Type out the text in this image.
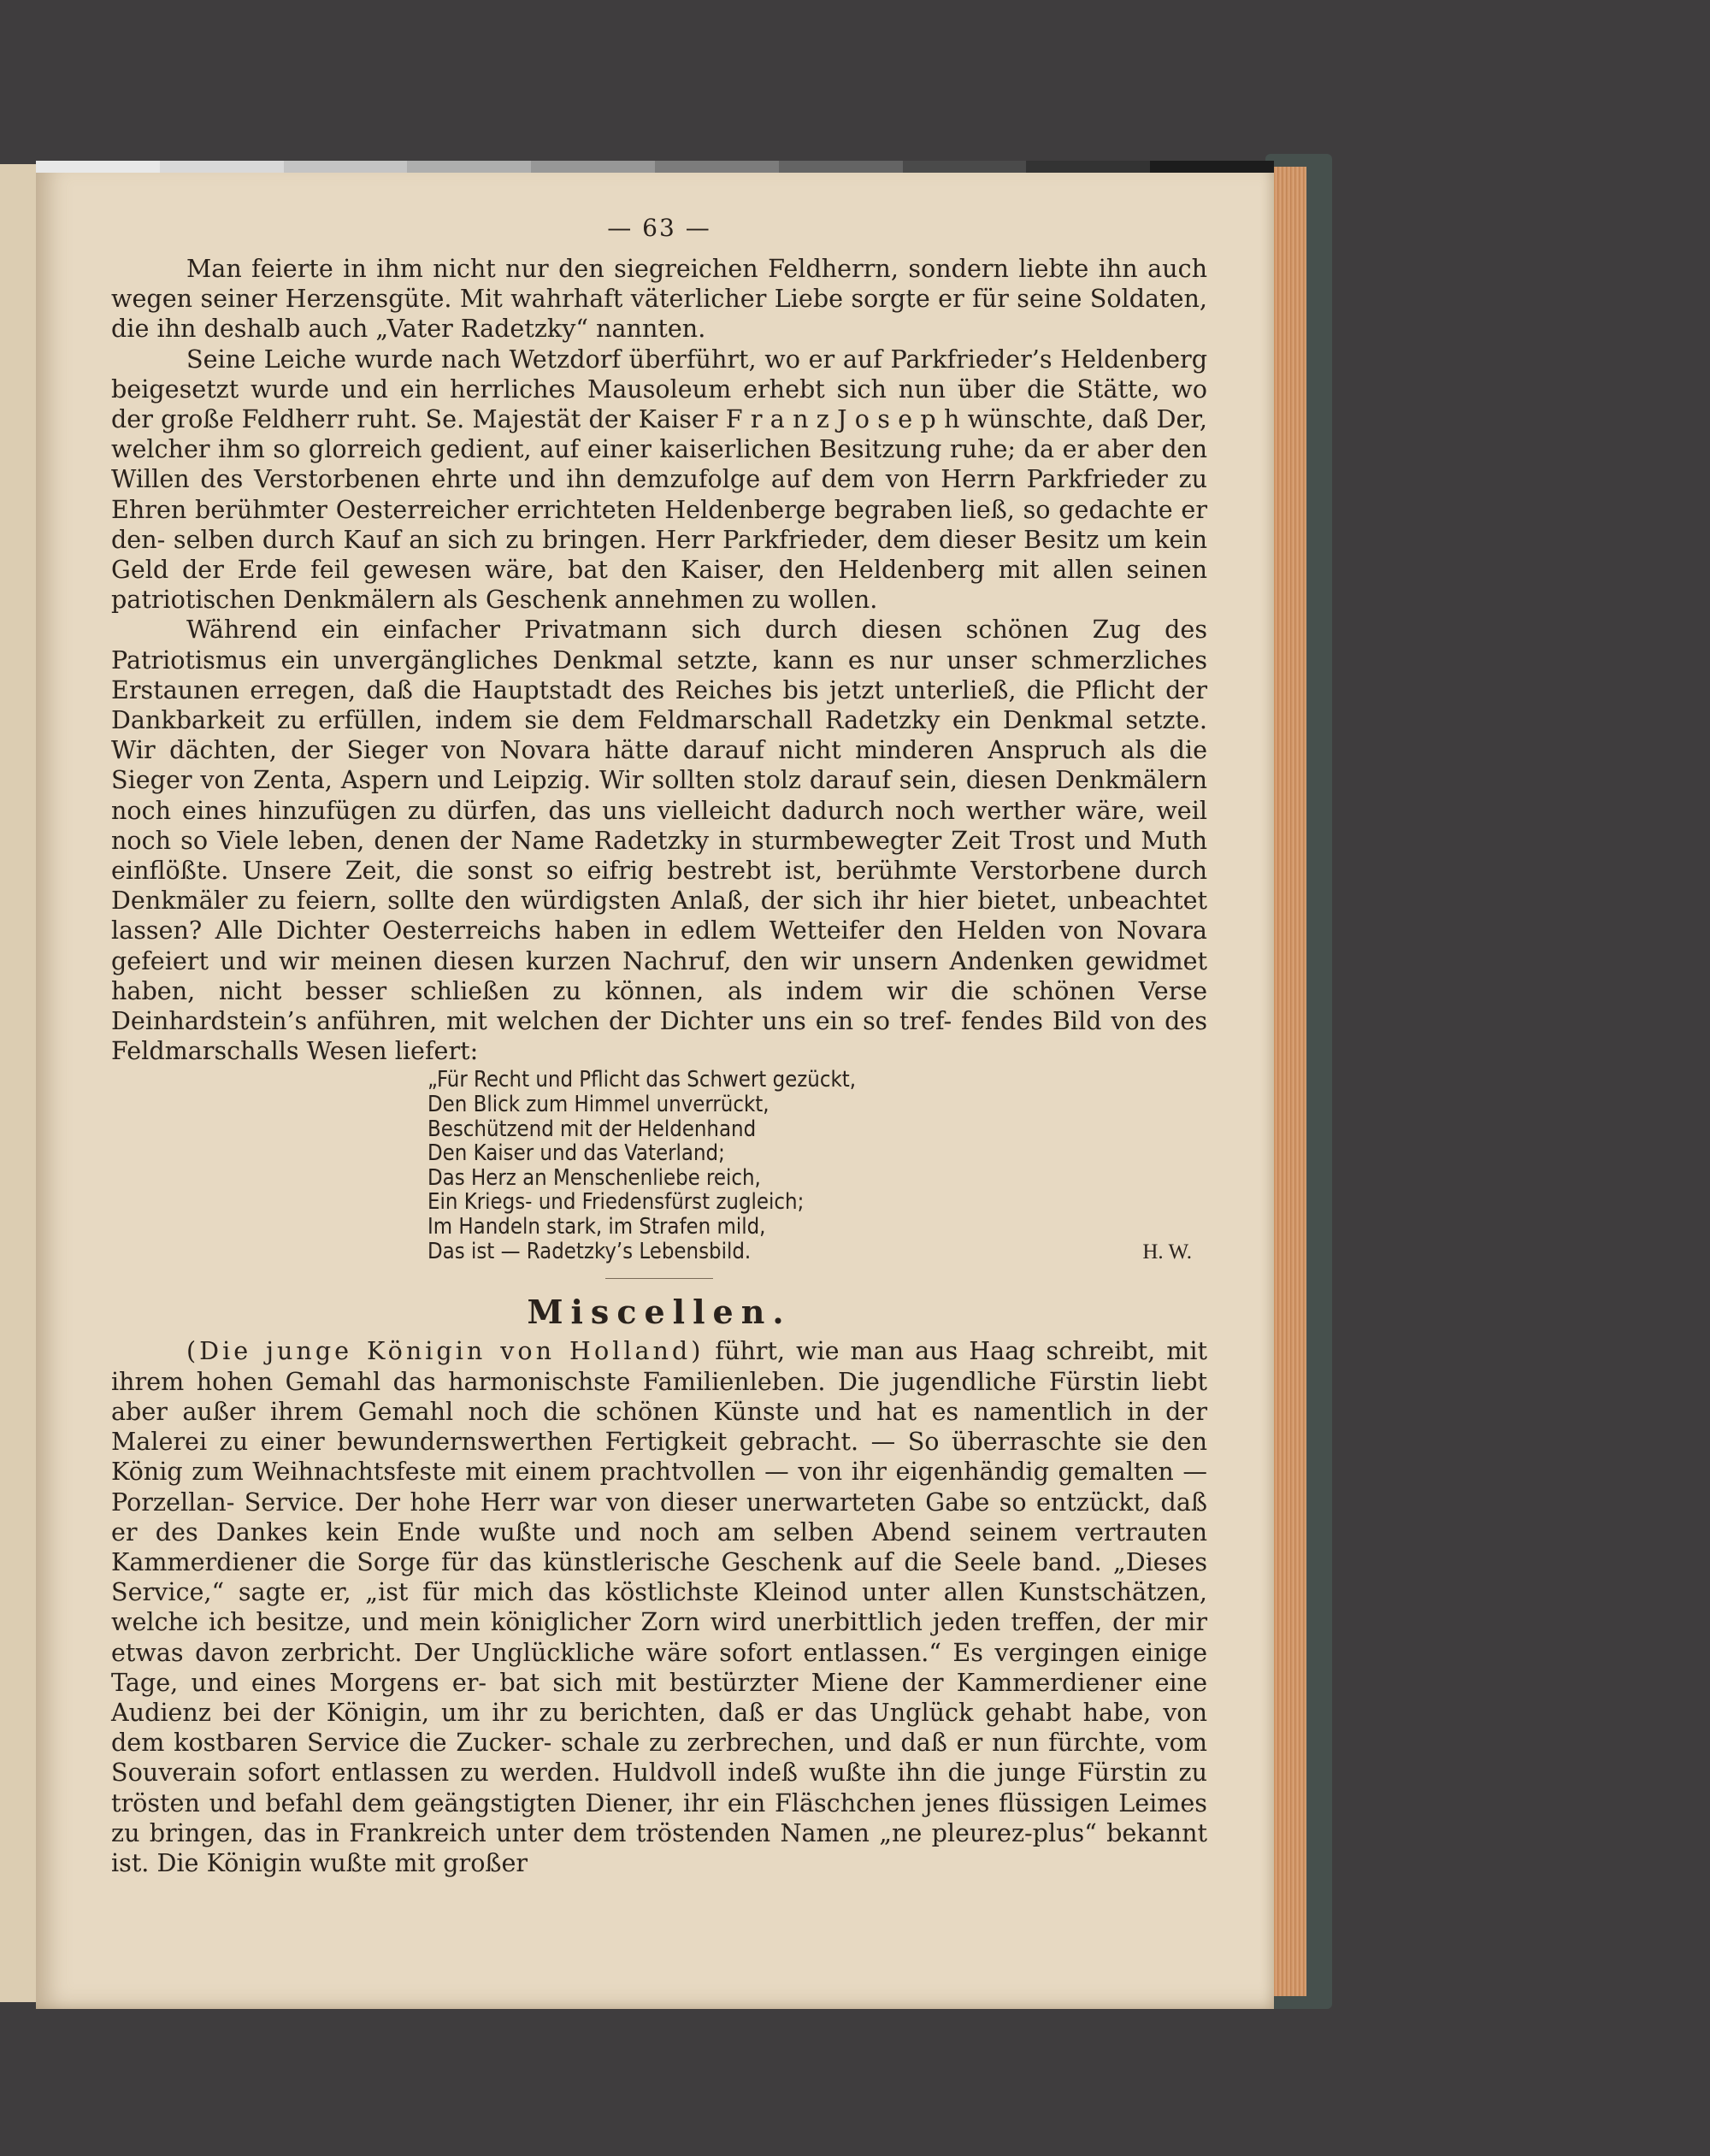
— 63 —

Man feierte in ihm nicht nur den siegreichen Feldherrn, sondern liebte ihn auch wegen seiner Herzensgüte. Mit wahrhaft väterlicher Liebe sorgte er für seine Soldaten, die ihn deshalb auch „Vater Radetzky“ nannten.

Seine Leiche wurde nach Wetzdorf überführt, wo er auf Parkfrieder’s Heldenberg beigesetzt wurde und ein herrliches Mausoleum erhebt sich nun über die Stätte, wo der große Feldherr ruht. Se. Majestät der Kaiser F r a n z J o s e p h wünschte, daß Der, welcher ihm so glorreich gedient, auf einer kaiserlichen Besitzung ruhe; da er aber den Willen des Verstorbenen ehrte und ihn demzufolge auf dem von Herrn Parkfrieder zu Ehren berühmter Oesterreicher errichteten Heldenberge begraben ließ, so gedachte er den- selben durch Kauf an sich zu bringen. Herr Parkfrieder, dem dieser Besitz um kein Geld der Erde feil gewesen wäre, bat den Kaiser, den Heldenberg mit allen seinen patriotischen Denkmälern als Geschenk annehmen zu wollen.

Während ein einfacher Privatmann sich durch diesen schönen Zug des Patriotismus ein unvergängliches Denkmal setzte, kann es nur unser schmerzliches Erstaunen erregen, daß die Hauptstadt des Reiches bis jetzt unterließ, die Pflicht der Dankbarkeit zu erfüllen, indem sie dem Feldmarschall Radetzky ein Denkmal setzte. Wir dächten, der Sieger von Novara hätte darauf nicht minderen Anspruch als die Sieger von Zenta, Aspern und Leipzig. Wir sollten stolz darauf sein, diesen Denkmälern noch eines hinzufügen zu dürfen, das uns vielleicht dadurch noch werther wäre, weil noch so Viele leben, denen der Name Radetzky in sturmbewegter Zeit Trost und Muth einflößte. Unsere Zeit, die sonst so eifrig bestrebt ist, berühmte Verstorbene durch Denkmäler zu feiern, sollte den würdigsten Anlaß, der sich ihr hier bietet, unbeachtet lassen? Alle Dichter Oesterreichs haben in edlem Wetteifer den Helden von Novara gefeiert und wir meinen diesen kurzen Nachruf, den wir unsern Andenken gewidmet haben, nicht besser schließen zu können, als indem wir die schönen Verse Deinhardstein’s anführen, mit welchen der Dichter uns ein so tref- fendes Bild von des Feldmarschalls Wesen liefert:

„Für Recht und Pflicht das Schwert gezückt,
Den Blick zum Himmel unverrückt,
Beschützend mit der Heldenhand
Den Kaiser und das Vaterland;
Das Herz an Menschenliebe reich,
Ein Kriegs- und Friedensfürst zugleich;
Im Handeln stark, im Strafen mild,
Das ist — Radetzky’s Lebensbild.	H. W.
Miscellen.

(Die junge Königin von Holland) führt, wie man aus Haag schreibt, mit ihrem hohen Gemahl das harmonischste Familienleben. Die jugendliche Fürstin liebt aber außer ihrem Gemahl noch die schönen Künste und hat es namentlich in der Malerei zu einer bewundernswerthen Fertigkeit gebracht. — So überraschte sie den König zum Weihnachtsfeste mit einem prachtvollen — von ihr eigenhändig gemalten — Porzellan- Service. Der hohe Herr war von dieser unerwarteten Gabe so entzückt, daß er des Dankes kein Ende wußte und noch am selben Abend seinem vertrauten Kammerdiener die Sorge für das künstlerische Geschenk auf die Seele band. „Dieses Service,“ sagte er, „ist für mich das köstlichste Kleinod unter allen Kunstschätzen, welche ich besitze, und mein königlicher Zorn wird unerbittlich jeden treffen, der mir etwas davon zerbricht. Der Unglückliche wäre sofort entlassen.“ Es vergingen einige Tage, und eines Morgens er- bat sich mit bestürzter Miene der Kammerdiener eine Audienz bei der Königin, um ihr zu berichten, daß er das Unglück gehabt habe, von dem kostbaren Service die Zucker- schale zu zerbrechen, und daß er nun fürchte, vom Souverain sofort entlassen zu werden. Huldvoll indeß wußte ihn die junge Fürstin zu trösten und befahl dem geängstigten Diener, ihr ein Fläschchen jenes flüssigen Leimes zu bringen, das in Frankreich unter dem tröstenden Namen „ne pleurez-plus“ bekannt ist. Die Königin wußte mit großer
